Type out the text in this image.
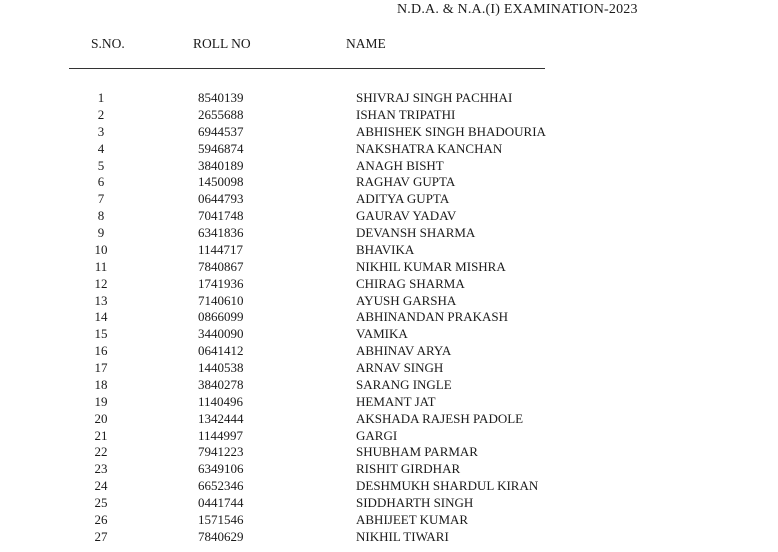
N.D.A. & N.A.(I) EXAMINATION-2023
S.NO.	ROLL NO	NAME
1	8540139	SHIVRAJ SINGH PACHHAI
2	2655688	ISHAN TRIPATHI
3	6944537	ABHISHEK SINGH BHADOURIA
4	5946874	NAKSHATRA KANCHAN
5	3840189	ANAGH BISHT
6	1450098	RAGHAV GUPTA
7	0644793	ADITYA GUPTA
8	7041748	GAURAV YADAV
9	6341836	DEVANSH SHARMA
10	1144717	BHAVIKA
11	7840867	NIKHIL KUMAR MISHRA
12	1741936	CHIRAG SHARMA
13	7140610	AYUSH GARSHA
14	0866099	ABHINANDAN PRAKASH
15	3440090	VAMIKA
16	0641412	ABHINAV ARYA
17	1440538	ARNAV SINGH
18	3840278	SARANG INGLE
19	1140496	HEMANT JAT
20	1342444	AKSHADA RAJESH PADOLE
21	1144997	GARGI
22	7941223	SHUBHAM PARMAR
23	6349106	RISHIT GIRDHAR
24	6652346	DESHMUKH SHARDUL KIRAN
25	0441744	SIDDHARTH SINGH
26	1571546	ABHIJEET KUMAR
27	7840629	NIKHIL TIWARI
